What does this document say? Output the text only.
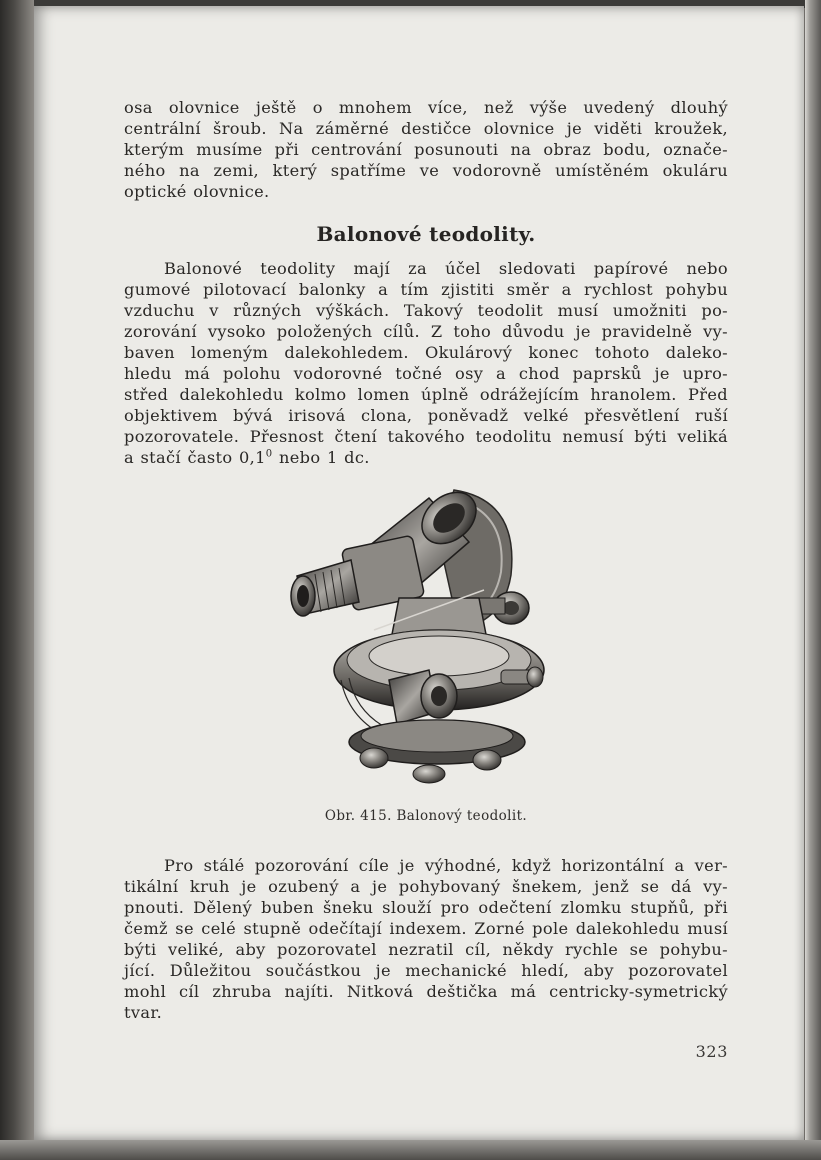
osa olovnice ještě o mnohem více, než výše uvedený dlouhý
centrální šroub. Na záměrné destičce olovnice je viděti kroužek,
kterým musíme při centrování posunouti na obraz bodu, označe-
ného na zemi, který spatříme ve vodorovně umístěném okuláru
optické olovnice.
Balonové teodolity.
Balonové teodolity mají za účel sledovati papírové nebo
gumové pilotovací balonky a tím zjistiti směr a rychlost pohybu
vzduchu v různých výškách. Takový teodolit musí umožniti po-
zorování vysoko položených cílů. Z toho důvodu je pravidelně vy-
baven lomeným dalekohledem. Okulárový konec tohoto daleko-
hledu má polohu vodorovné točné osy a chod paprsků je upro-
střed dalekohledu kolmo lomen úplně odrážejícím hranolem. Před
objektivem bývá irisová clona, poněvadž velké přesvětlení ruší
pozorovatele. Přesnost čtení takového teodolitu nemusí býti veliká
a stačí často $0,1^0$ nebo 1 dc.
Obr. 415. Balonový teodolit.
Pro stálé pozorování cíle je výhodné, když horizontální a ver-
tikální kruh je ozubený a je pohybovaný šnekem, jenž se dá vy-
pnouti. Dělený buben šneku slouží pro odečtení zlomku stupňů, při
čemž se celé stupně odečítají indexem. Zorné pole dalekohledu musí
býti veliké, aby pozorovatel nezratil cíl, někdy rychle se pohybu-
jící. Důležitou součástkou je mechanické hledí, aby pozorovatel
mohl cíl zhruba najíti. Nitková deštička má centricky-symetrický
tvar.
323
